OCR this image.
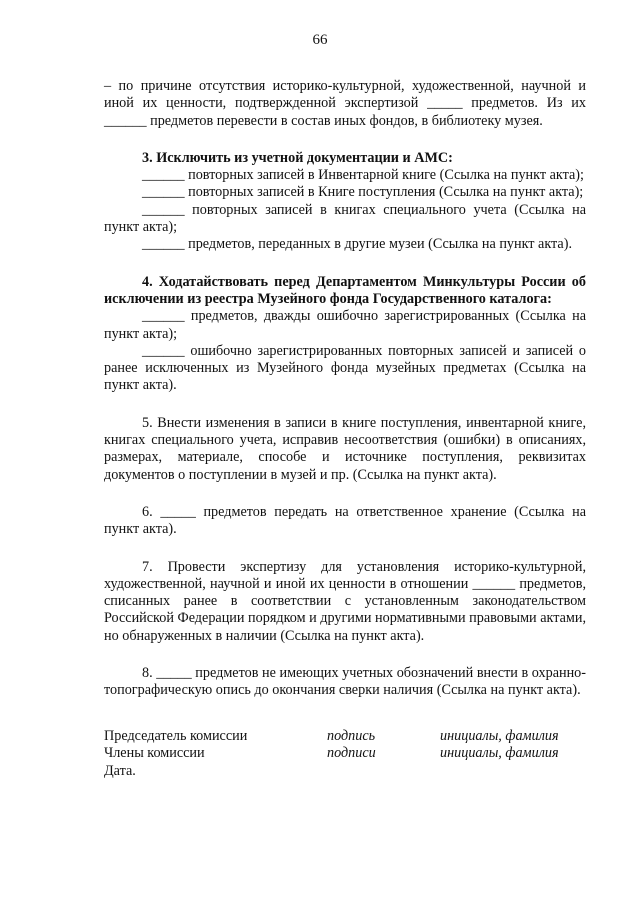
66

– по причине отсутствия историко-культурной, художественной, научной и иной их ценности, подтвержденной экспертизой _____ предметов. Из их ______ предметов перевести в состав иных фондов, в библиотеку музея.

3. Исключить из учетной документации и АМС:

______ повторных записей в Инвентарной книге (Ссылка на пункт акта);

______ повторных записей в Книге поступления (Ссылка на пункт акта);

______ повторных записей в книгах специального учета (Ссылка на пункт акта);

______ предметов, переданных в другие музеи (Ссылка на пункт акта).

4. Ходатайствовать перед Департаментом Минкультуры России об исключении из реестра Музейного фонда Государственного каталога:

______ предметов, дважды ошибочно зарегистрированных (Ссылка на пункт акта);

______ ошибочно зарегистрированных повторных записей и записей о ранее исключенных из Музейного фонда музейных предметах (Ссылка на пункт акта).

5. Внести изменения в записи в книге поступления, инвентарной книге, книгах специального учета, исправив несоответствия (ошибки) в описаниях, размерах, материале, способе и источнике поступления, реквизитах документов о поступлении в музей и пр. (Ссылка на пункт акта).

6. _____ предметов передать на ответственное хранение (Ссылка на пункт акта).

7. Провести экспертизу для установления историко-культурной, художественной, научной и иной их ценности в отношении ______ предметов, списанных ранее в соответствии с установленным законодательством Российской Федерации порядком и другими нормативными правовыми актами, но обнаруженных в наличии (Ссылка на пункт акта).

8. _____ предметов не имеющих учетных обозначений внести в охранно-топографическую опись до окончания сверки наличия (Ссылка на пункт акта).

Председатель комиссии	подпись	инициалы, фамилия
Члены комиссии	подписи	инициалы, фамилия
Дата.
